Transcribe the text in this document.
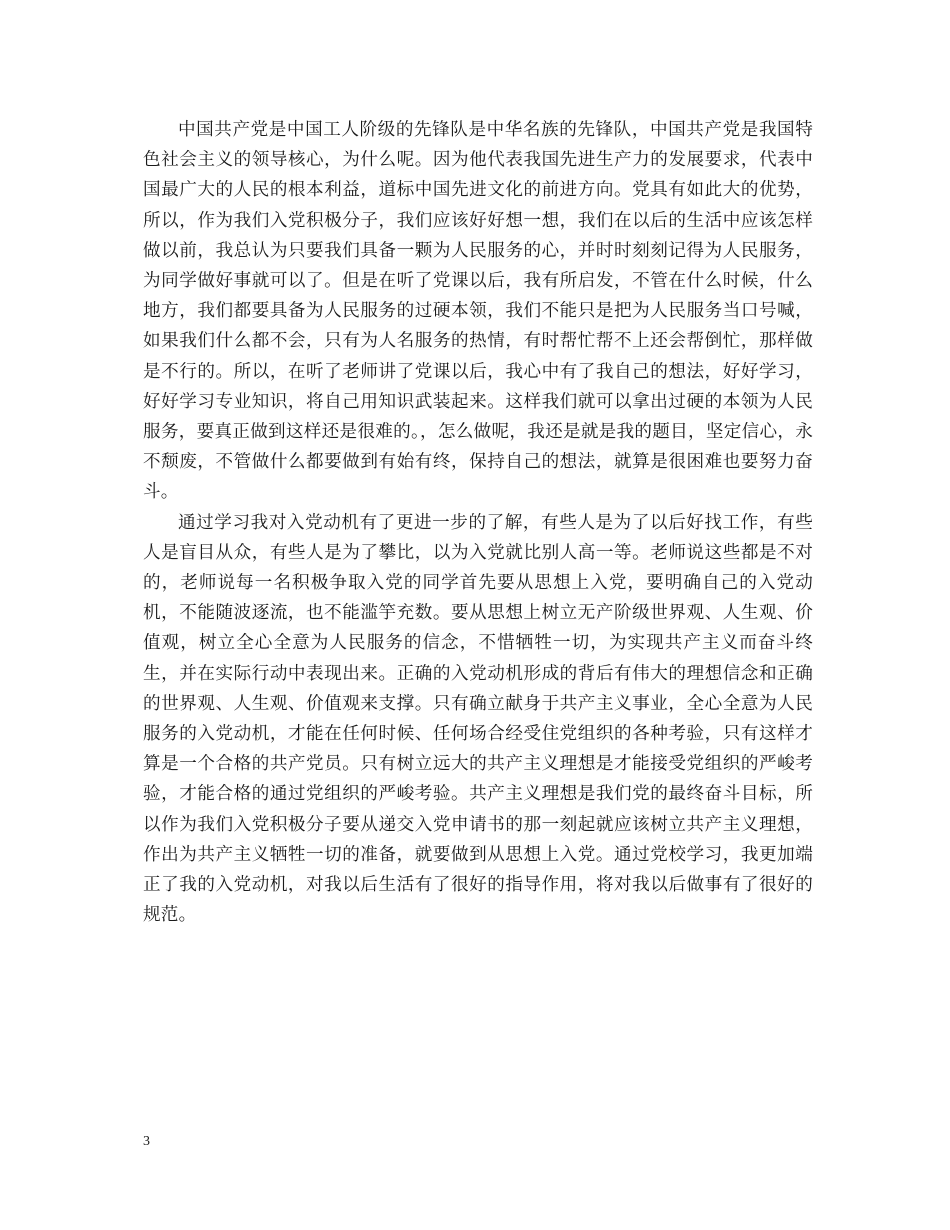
中国共产党是中国工人阶级的先锋队是中华名族的先锋队，中国共产党是我国特色社会主义的领导核心，为什么呢。因为他代表我国先进生产力的发展要求，代表中国最广大的人民的根本利益，道标中国先进文化的前进方向。党具有如此大的优势，所以，作为我们入党积极分子，我们应该好好想一想，我们在以后的生活中应该怎样做以前，我总认为只要我们具备一颗为人民服务的心，并时时刻刻记得为人民服务，为同学做好事就可以了。但是在听了党课以后，我有所启发，不管在什么时候，什么地方，我们都要具备为人民服务的过硬本领，我们不能只是把为人民服务当口号喊，如果我们什么都不会，只有为人名服务的热情，有时帮忙帮不上还会帮倒忙，那样做是不行的。所以，在听了老师讲了党课以后，我心中有了我自己的想法，好好学习，好好学习专业知识，将自己用知识武装起来。这样我们就可以拿出过硬的本领为人民服务，要真正做到这样还是很难的。，怎么做呢，我还是就是我的题目，坚定信心，永不颓废，不管做什么都要做到有始有终，保持自己的想法，就算是很困难也要努力奋斗。

通过学习我对入党动机有了更进一步的了解，有些人是为了以后好找工作，有些人是盲目从众，有些人是为了攀比，以为入党就比别人高一等。老师说这些都是不对的，老师说每一名积极争取入党的同学首先要从思想上入党，要明确自己的入党动机，不能随波逐流，也不能滥竽充数。要从思想上树立无产阶级世界观、人生观、价值观，树立全心全意为人民服务的信念，不惜牺牲一切，为实现共产主义而奋斗终生，并在实际行动中表现出来。正确的入党动机形成的背后有伟大的理想信念和正确的世界观、人生观、价值观来支撑。只有确立献身于共产主义事业，全心全意为人民服务的入党动机，才能在任何时候、任何场合经受住党组织的各种考验，只有这样才算是一个合格的共产党员。只有树立远大的共产主义理想是才能接受党组织的严峻考验，才能合格的通过党组织的严峻考验。共产主义理想是我们党的最终奋斗目标，所以作为我们入党积极分子要从递交入党申请书的那一刻起就应该树立共产主义理想，作出为共产主义牺牲一切的准备，就要做到从思想上入党。通过党校学习，我更加端正了我的入党动机，对我以后生活有了很好的指导作用，将对我以后做事有了很好的规范。

3
